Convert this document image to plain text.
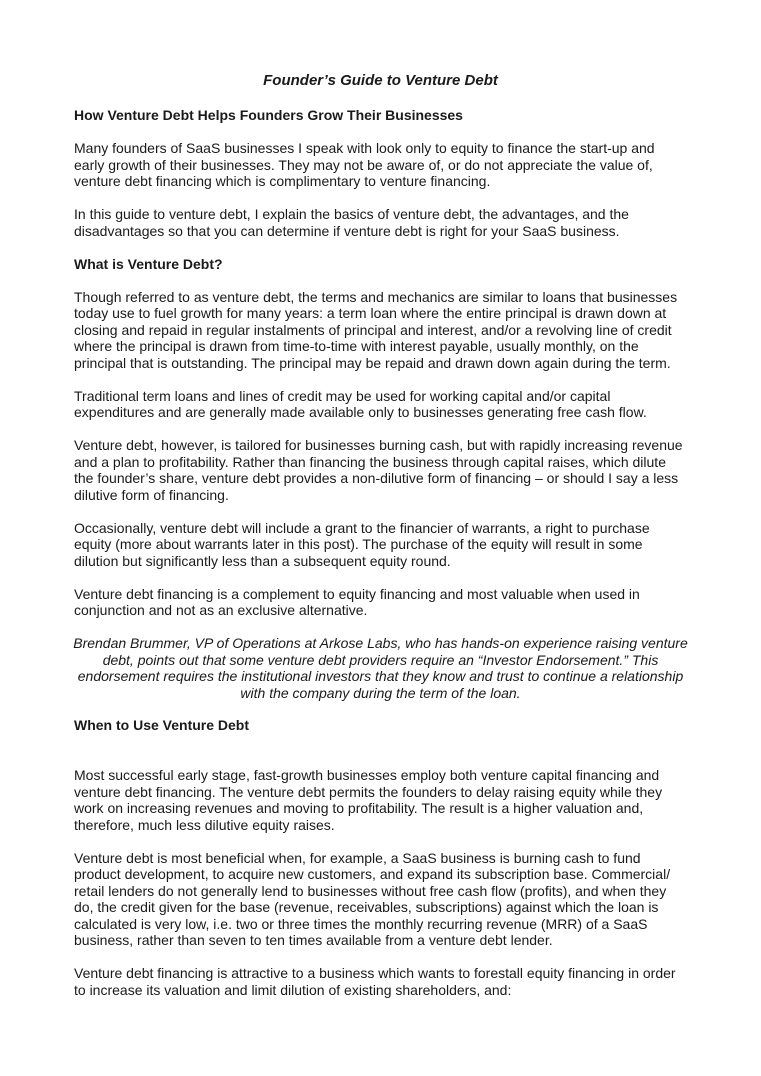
Founder’s Guide to Venture Debt
How Venture Debt Helps Founders Grow Their Businesses

Many founders of SaaS businesses I speak with look only to equity to finance the start-up and early growth of their businesses. They may not be aware of, or do not appreciate the value of, venture debt financing which is complimentary to venture financing.

In this guide to venture debt, I explain the basics of venture debt, the advantages, and the disadvantages so that you can determine if venture debt is right for your SaaS business.

What is Venture Debt?

Though referred to as venture debt, the terms and mechanics are similar to loans that businesses today use to fuel growth for many years: a term loan where the entire principal is drawn down at closing and repaid in regular instalments of principal and interest, and/or a revolving line of credit where the principal is drawn from time-to-time with interest payable, usually monthly, on the principal that is outstanding. The principal may be repaid and drawn down again during the term.

Traditional term loans and lines of credit may be used for working capital and/or capital expenditures and are generally made available only to businesses generating free cash flow.

Venture debt, however, is tailored for businesses burning cash, but with rapidly increasing revenue and a plan to profitability. Rather than financing the business through capital raises, which dilute the founder’s share, venture debt provides a non-dilutive form of financing – or should I say a less dilutive form of financing.

Occasionally, venture debt will include a grant to the financier of warrants, a right to purchase equity (more about warrants later in this post). The purchase of the equity will result in some dilution but significantly less than a subsequent equity round.

Venture debt financing is a complement to equity financing and most valuable when used in conjunction and not as an exclusive alternative.

Brendan Brummer, VP of Operations at Arkose Labs, who has hands-on experience raising venture debt, points out that some venture debt providers require an “Investor Endorsement.” This endorsement requires the institutional investors that they know and trust to continue a relationship with the company during the term of the loan.

When to Use Venture Debt

Most successful early stage, fast-growth businesses employ both venture capital financing and venture debt financing. The venture debt permits the founders to delay raising equity while they work on increasing revenues and moving to profitability. The result is a higher valuation and, therefore, much less dilutive equity raises.

Venture debt is most beneficial when, for example, a SaaS business is burning cash to fund product development, to acquire new customers, and expand its subscription base. Commercial/ retail lenders do not generally lend to businesses without free cash flow (profits), and when they do, the credit given for the base (revenue, receivables, subscriptions) against which the loan is calculated is very low, i.e. two or three times the monthly recurring revenue (MRR) of a SaaS business, rather than seven to ten times available from a venture debt lender.

Venture debt financing is attractive to a business which wants to forestall equity financing in order to increase its valuation and limit dilution of existing shareholders, and:
